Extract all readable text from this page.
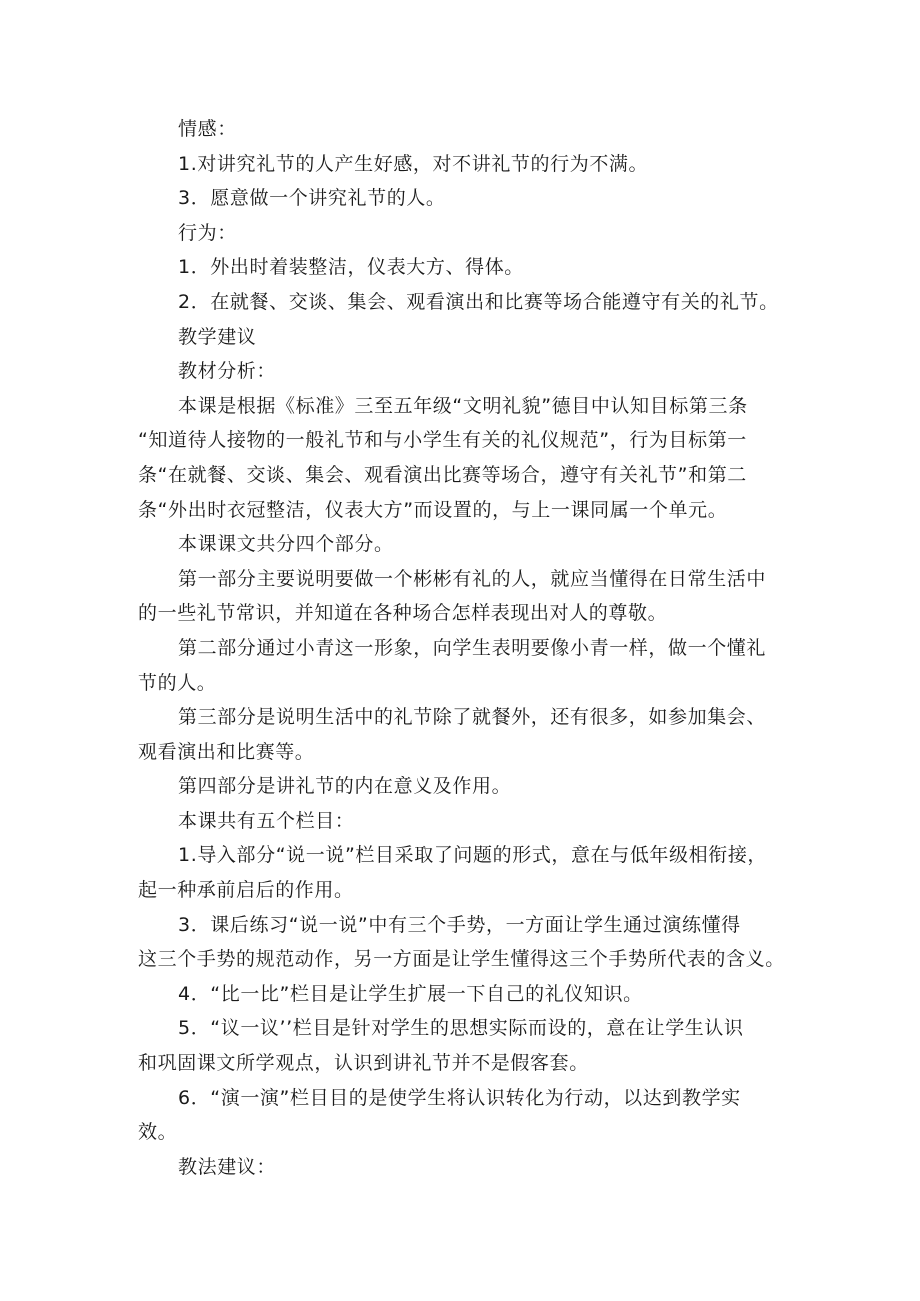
情感：
1.对讲究礼节的人产生好感，对不讲礼节的行为不满。
3．愿意做一个讲究礼节的人。
行为：
1．外出时着装整洁，仪表大方、得体。
2．在就餐、交谈、集会、观看演出和比赛等场合能遵守有关的礼节。
教学建议
教材分析：
本课是根据《标准》三至五年级“文明礼貌”德目中认知目标第三条
“知道待人接物的一般礼节和与小学生有关的礼仪规范”，行为目标第一
条“在就餐、交谈、集会、观看演出比赛等场合，遵守有关礼节”和第二
条“外出时衣冠整洁，仪表大方”而设置的，与上一课同属一个单元。
本课课文共分四个部分。
第一部分主要说明要做一个彬彬有礼的人，就应当懂得在日常生活中
的一些礼节常识，并知道在各种场合怎样表现出对人的尊敬。
第二部分通过小青这一形象，向学生表明要像小青一样，做一个懂礼
节的人。
第三部分是说明生活中的礼节除了就餐外，还有很多，如参加集会、
观看演出和比赛等。
第四部分是讲礼节的内在意义及作用。
本课共有五个栏目：
1.导入部分“说一说”栏目采取了问题的形式，意在与低年级相衔接，
起一种承前启后的作用。
3．课后练习“说一说”中有三个手势，一方面让学生通过演练懂得
这三个手势的规范动作，另一方面是让学生懂得这三个手势所代表的含义。
4．“比一比”栏目是让学生扩展一下自己的礼仪知识。
5．“议一议’’栏目是针对学生的思想实际而设的，意在让学生认识
和巩固课文所学观点，认识到讲礼节并不是假客套。
6．“演一演”栏目目的是使学生将认识转化为行动，以达到教学实
效。
教法建议：
